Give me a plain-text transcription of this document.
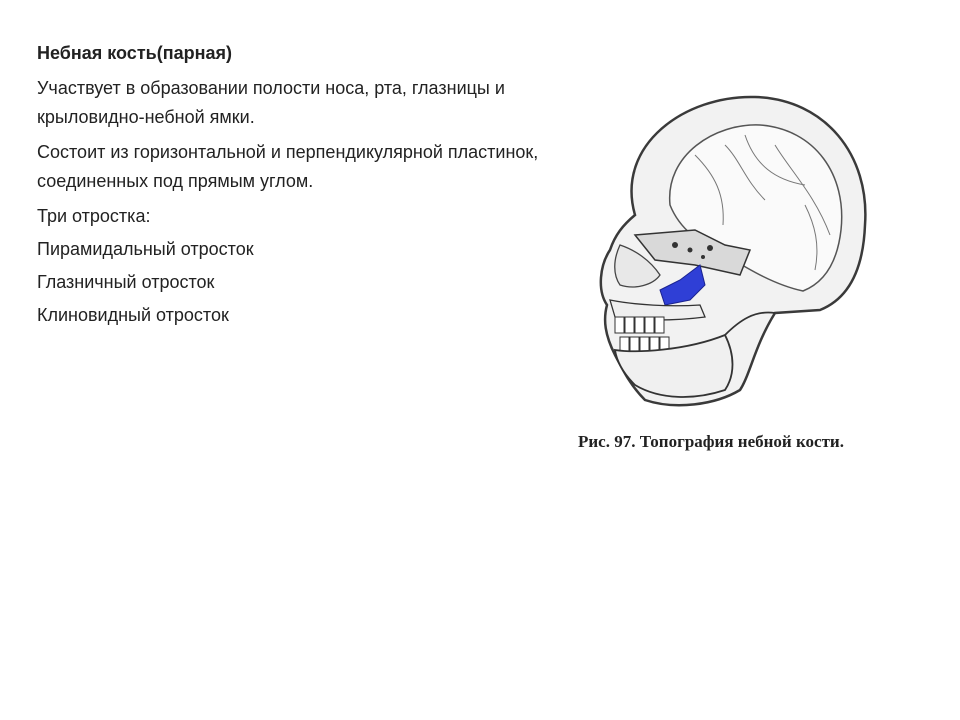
Небная кость(парная)

Участвует в образовании полости носа, рта, глазницы и крыловидно-небной ямки.

Состоит из горизонтальной и перпендикулярной пластинок, соединенных под прямым углом.

Три отростка:

Пирамидальный отросток

Глазничный отросток

Клиновидный отросток

Рис. 97. Топография небной кости.
